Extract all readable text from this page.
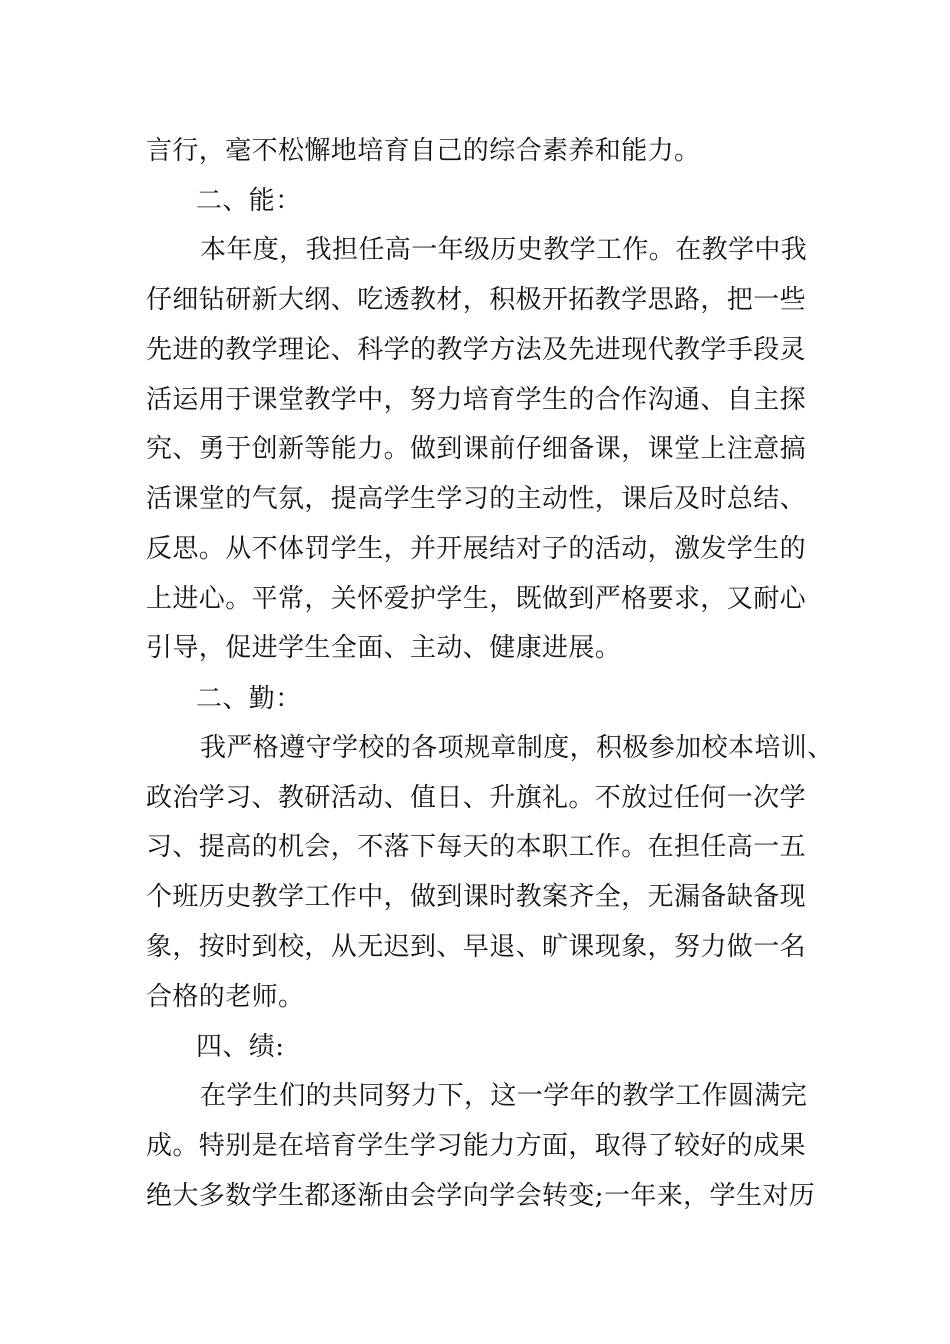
言行，毫不松懈地培育自己的综合素养和能力。
二、能：
本年度，我担任高一年级历史教学工作。在教学中我
仔细钻研新大纲、吃透教材，积极开拓教学思路，把一些
先进的教学理论、科学的教学方法及先进现代教学手段灵
活运用于课堂教学中，努力培育学生的合作沟通、自主探
究、勇于创新等能力。做到课前仔细备课，课堂上注意搞
活课堂的气氛，提高学生学习的主动性，课后及时总结、
反思。从不体罚学生，并开展结对子的活动，激发学生的
上进心。平常，关怀爱护学生，既做到严格要求，又耐心
引导，促进学生全面、主动、健康进展。
二、勤：
我严格遵守学校的各项规章制度，积极参加校本培训、
政治学习、教研活动、值日、升旗礼。不放过任何一次学
习、提高的机会，不落下每天的本职工作。在担任高一五
个班历史教学工作中，做到课时教案齐全，无漏备缺备现
象，按时到校，从无迟到、早退、旷课现象，努力做一名
合格的老师。
四、绩:
在学生们的共同努力下，这一学年的教学工作圆满完
成。特别是在培育学生学习能力方面，取得了较好的成果
绝大多数学生都逐渐由会学向学会转变;一年来，学生对历
